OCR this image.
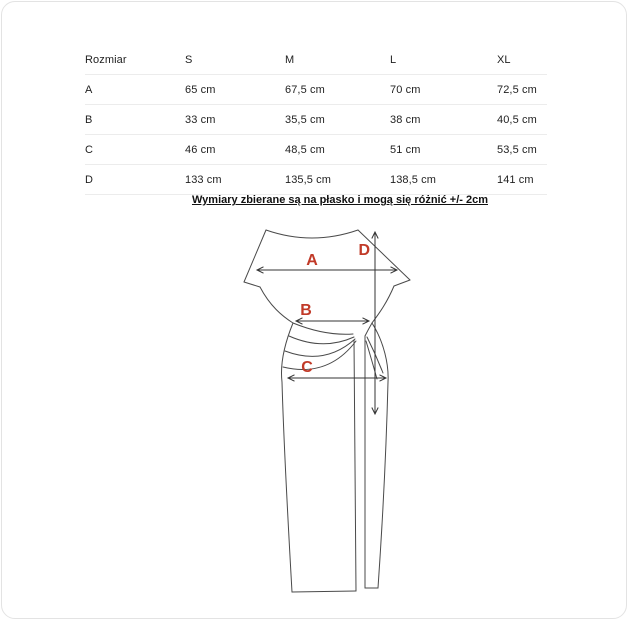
Rozmiar	S	M	L	XL
A	65 cm	67,5 cm	70 cm	72,5 cm
B	33 cm	35,5 cm	38 cm	40,5 cm
C	46 cm	48,5 cm	51 cm	53,5 cm
D	133 cm	135,5 cm	138,5 cm	141 cm
Wymiary zbierane są na płasko i mogą się różnić +/- 2cm
A
B
C
D
